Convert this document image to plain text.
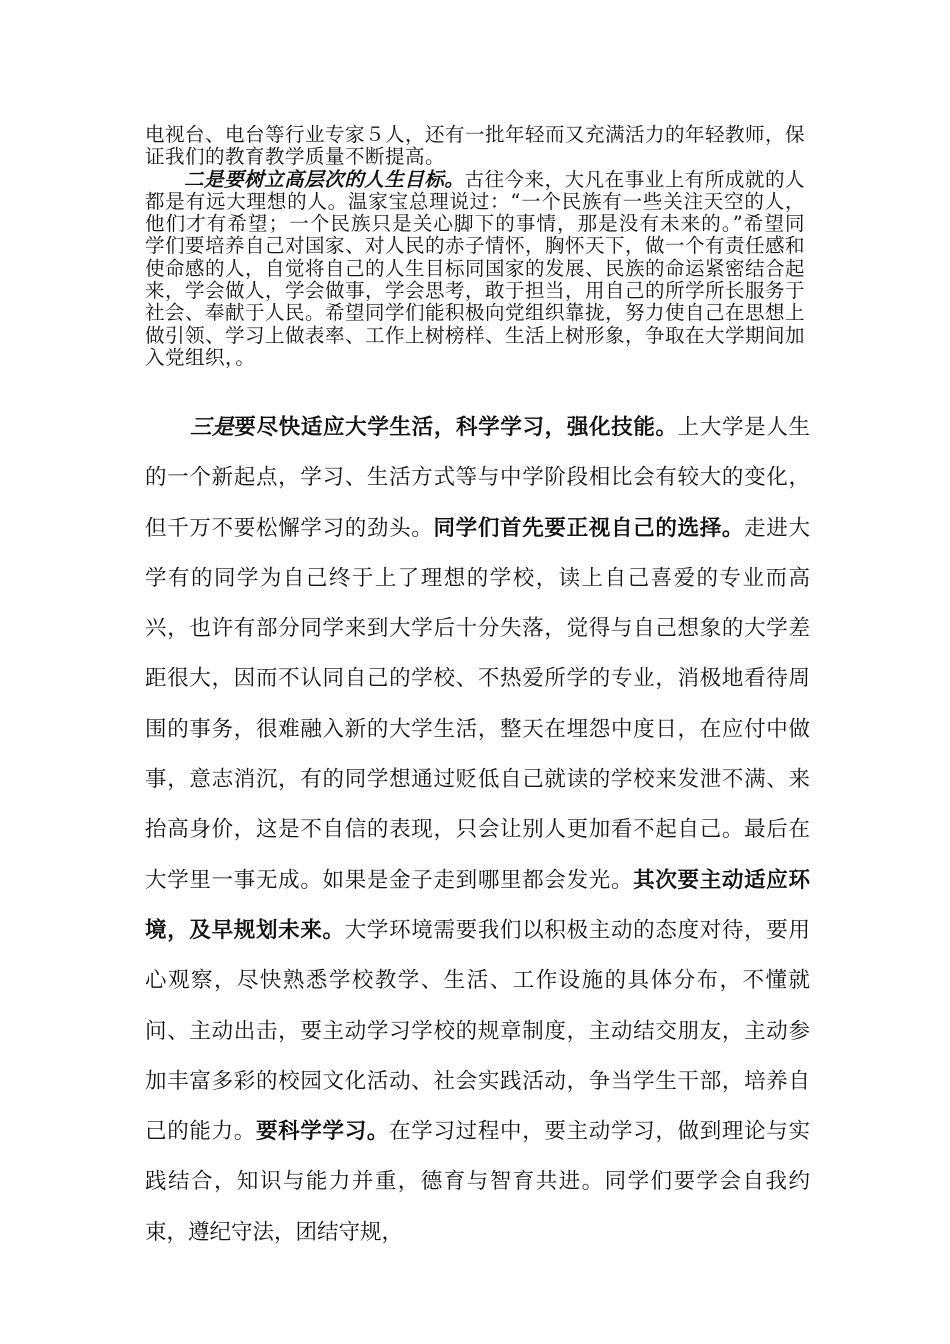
电视台、电台等行业专家５人，还有一批年轻而又充满活力的年轻教师，保证我们的教育教学质量不断提高。

二是要树立高层次的人生目标。古往今来，大凡在事业上有所成就的人都是有远大理想的人。温家宝总理说过：“一个民族有一些关注天空的人，他们才有希望；一个民族只是关心脚下的事情，那是没有未来的。”希望同学们要培养自己对国家、对人民的赤子情怀，胸怀天下，做一个有责任感和使命感的人，自觉将自己的人生目标同国家的发展、民族的命运紧密结合起来，学会做人，学会做事，学会思考，敢于担当，用自己的所学所长服务于社会、奉献于人民。希望同学们能积极向党组织靠拢，努力使自己在思想上做引领、学习上做表率、工作上树榜样、生活上树形象，争取在大学期间加入党组织，。

三是要尽快适应大学生活，科学学习，强化技能。上大学是人生的一个新起点，学习、生活方式等与中学阶段相比会有较大的变化，但千万不要松懈学习的劲头。同学们首先要正视自己的选择。走进大学有的同学为自己终于上了理想的学校，读上自己喜爱的专业而高兴，也许有部分同学来到大学后十分失落，觉得与自己想象的大学差距很大，因而不认同自己的学校、不热爱所学的专业，消极地看待周围的事务，很难融入新的大学生活，整天在埋怨中度日，在应付中做事，意志消沉，有的同学想通过贬低自己就读的学校来发泄不满、来抬高身价，这是不自信的表现，只会让别人更加看不起自己。最后在大学里一事无成。如果是金子走到哪里都会发光。其次要主动适应环境，及早规划未来。大学环境需要我们以积极主动的态度对待，要用心观察，尽快熟悉学校教学、生活、工作设施的具体分布，不懂就问、主动出击，要主动学习学校的规章制度，主动结交朋友，主动参加丰富多彩的校园文化活动、社会实践活动，争当学生干部，培养自己的能力。要科学学习。在学习过程中，要主动学习，做到理论与实践结合，知识与能力并重，德育与智育共进。同学们要学会自我约束，遵纪守法，团结守规，
